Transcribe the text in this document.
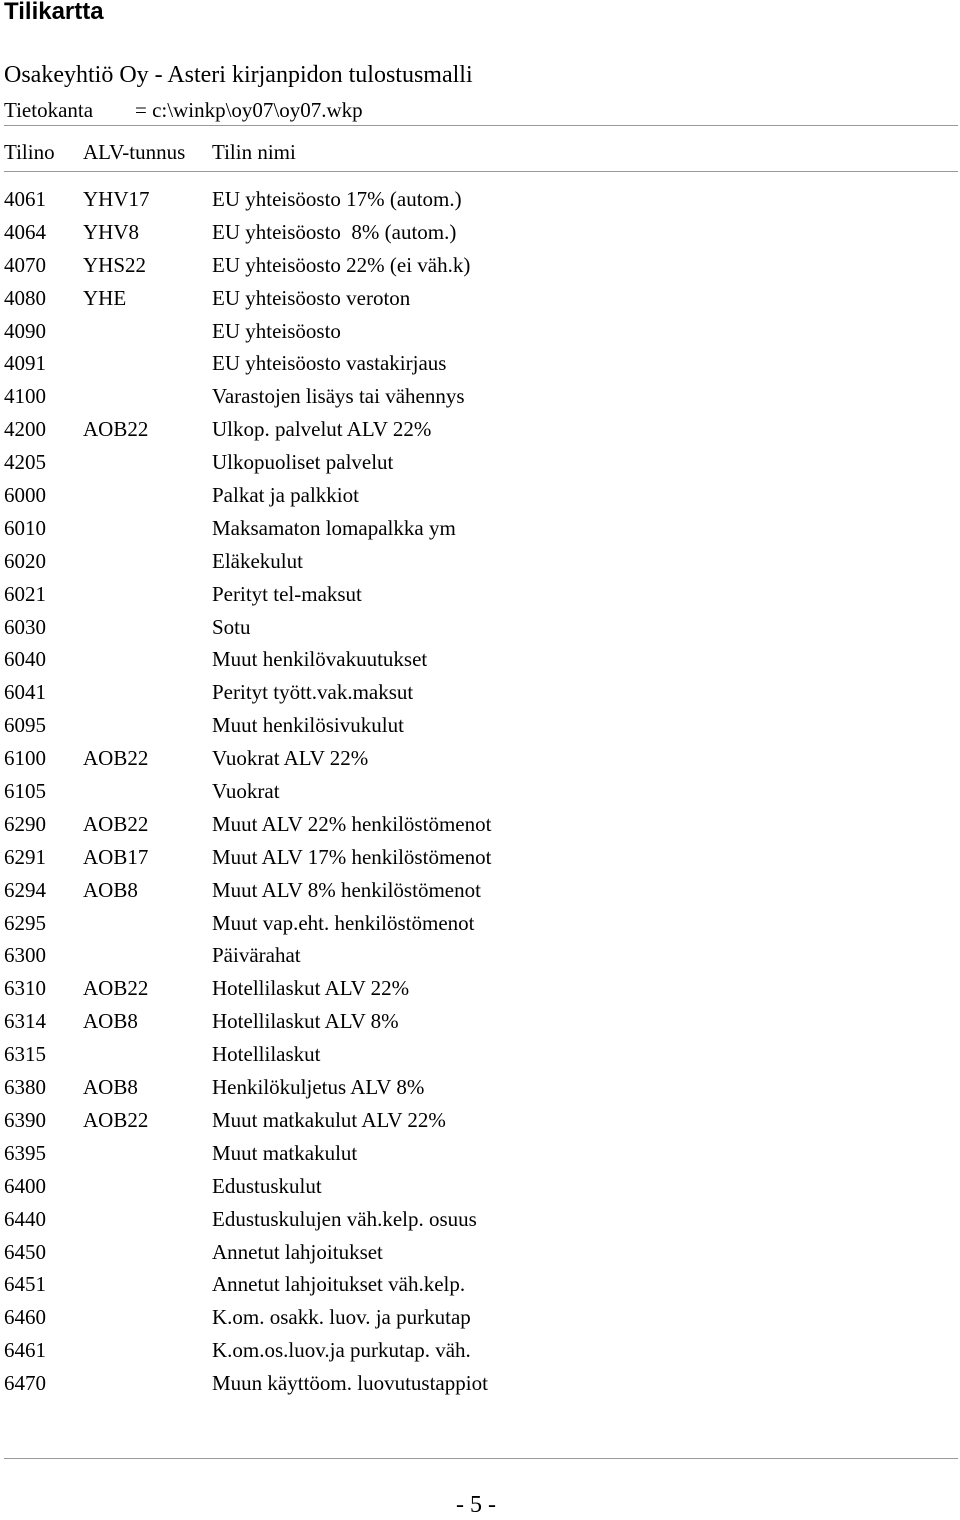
Tilikartta
Osakeyhtiö Oy - Asteri kirjanpidon tulostusmalli
Tietokanta = c:\winkp\oy07\oy07.wkp
Tilino ALV-tunnus Tilin nimi
4061 YHV17	EU yhteisöosto 17% (autom.)
4064 YHV8	EU yhteisöosto  8% (autom.)
4070 YHS22	EU yhteisöosto 22% (ei väh.k)
4080 YHE	EU yhteisöosto veroton
4090	EU yhteisöosto
4091	EU yhteisöosto vastakirjaus
4100	Varastojen lisäys tai vähennys
4200 AOB22	Ulkop. palvelut ALV 22%
4205	Ulkopuoliset palvelut
6000	Palkat ja palkkiot
6010	Maksamaton lomapalkka ym
6020	Eläkekulut
6021	Perityt tel-maksut
6030	Sotu
6040	Muut henkilövakuutukset
6041	Perityt tyött.vak.maksut
6095	Muut henkilösivukulut
6100 AOB22	Vuokrat ALV 22%
6105	Vuokrat
6290 AOB22	Muut ALV 22% henkilöstömenot
6291 AOB17	Muut ALV 17% henkilöstömenot
6294 AOB8	Muut ALV 8% henkilöstömenot
6295	Muut vap.eht. henkilöstömenot
6300	Päivärahat
6310 AOB22	Hotellilaskut ALV 22%
6314 AOB8	Hotellilaskut ALV 8%
6315	Hotellilaskut
6380 AOB8	Henkilökuljetus ALV 8%
6390 AOB22	Muut matkakulut ALV 22%
6395	Muut matkakulut
6400	Edustuskulut
6440	Edustuskulujen väh.kelp. osuus
6450	Annetut lahjoitukset
6451	Annetut lahjoitukset väh.kelp.
6460	K.om. osakk. luov. ja purkutap
6461	K.om.os.luov.ja purkutap. väh.
6470	Muun käyttöom. luovutustappiot
- 5 -
